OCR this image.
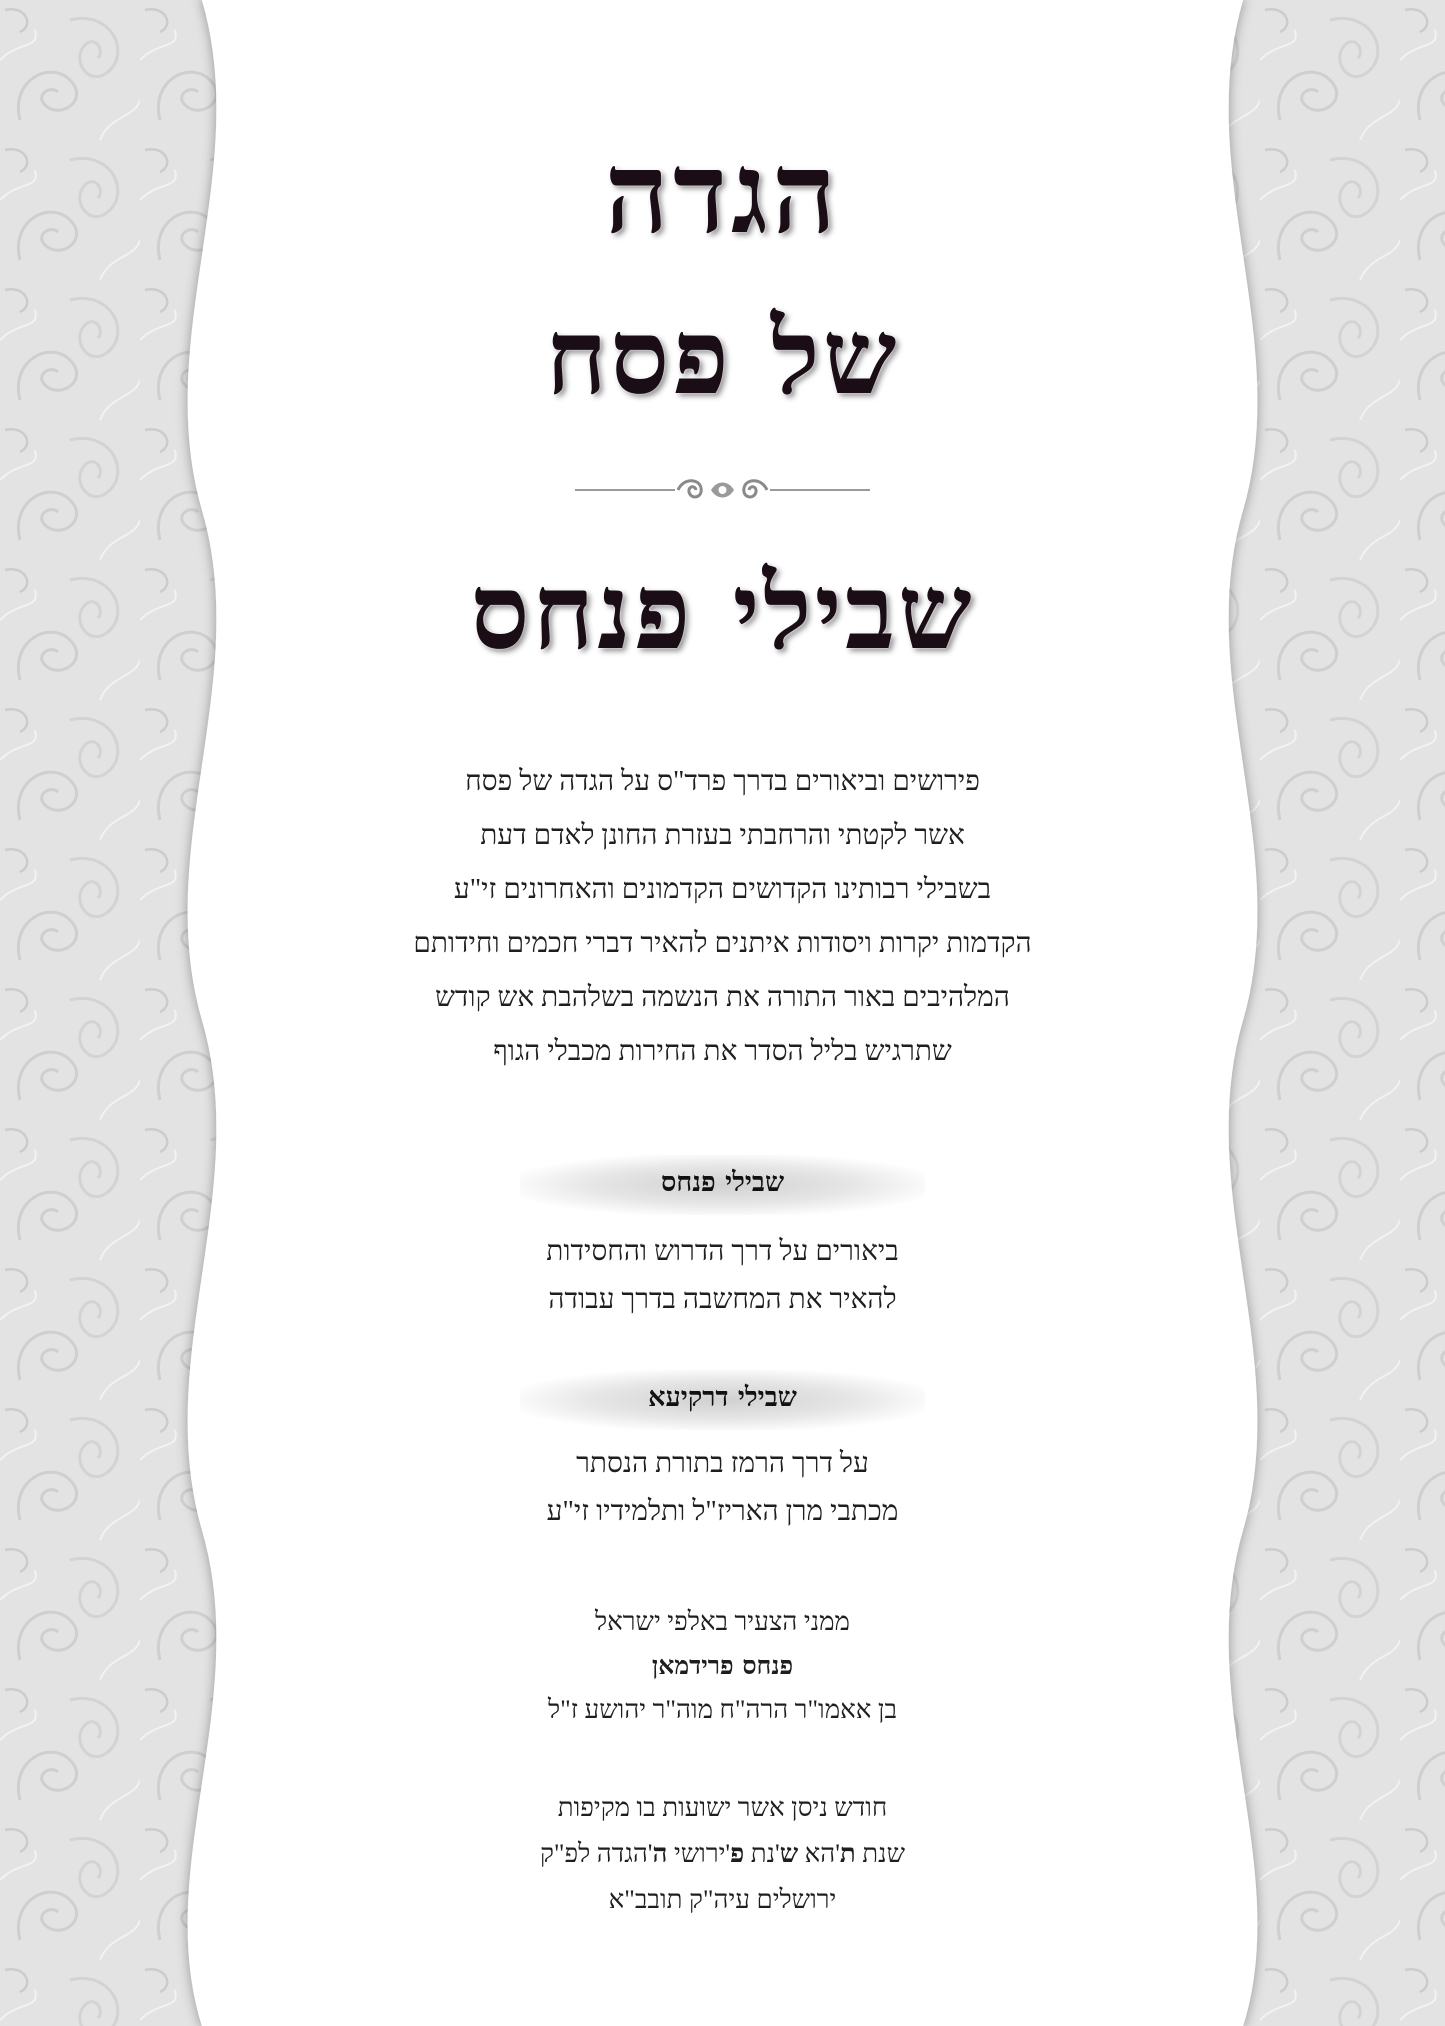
הגדה
של פסח
שבילי פנחס
פירושים וביאורים בדרך פרד"ס על הגדה של פסח
אשר לקטתי והרחבתי בעזרת החונן לאדם דעת
בשבילי רבותינו הקדושים הקדמונים והאחרונים זי"ע
הקדמות יקרות ויסודות איתנים להאיר דברי חכמים וחידותם
המלהיבים באור התורה את הנשמה בשלהבת אש קודש
שתרגיש בליל הסדר את החירות מכבלי הגוף
שבילי פנחס
ביאורים על דרך הדרוש והחסידות
להאיר את המחשבה בדרך עבודה
שבילי דרקיעא
על דרך הרמז בתורת הנסתר
מכתבי מרן האריז"ל ותלמידיו זי"ע
ממני הצעיר באלפי ישראל
פנחס פרידמאן
בן אאמו"ר הרה"ח מוה"ר יהושע ז"ל
חודש ניסן אשר ישועות בו מקיפות
שנת ת'הא ש'נת פ'ירושי ה'הגדה לפ"ק
ירושלים עיה"ק תובב"א
